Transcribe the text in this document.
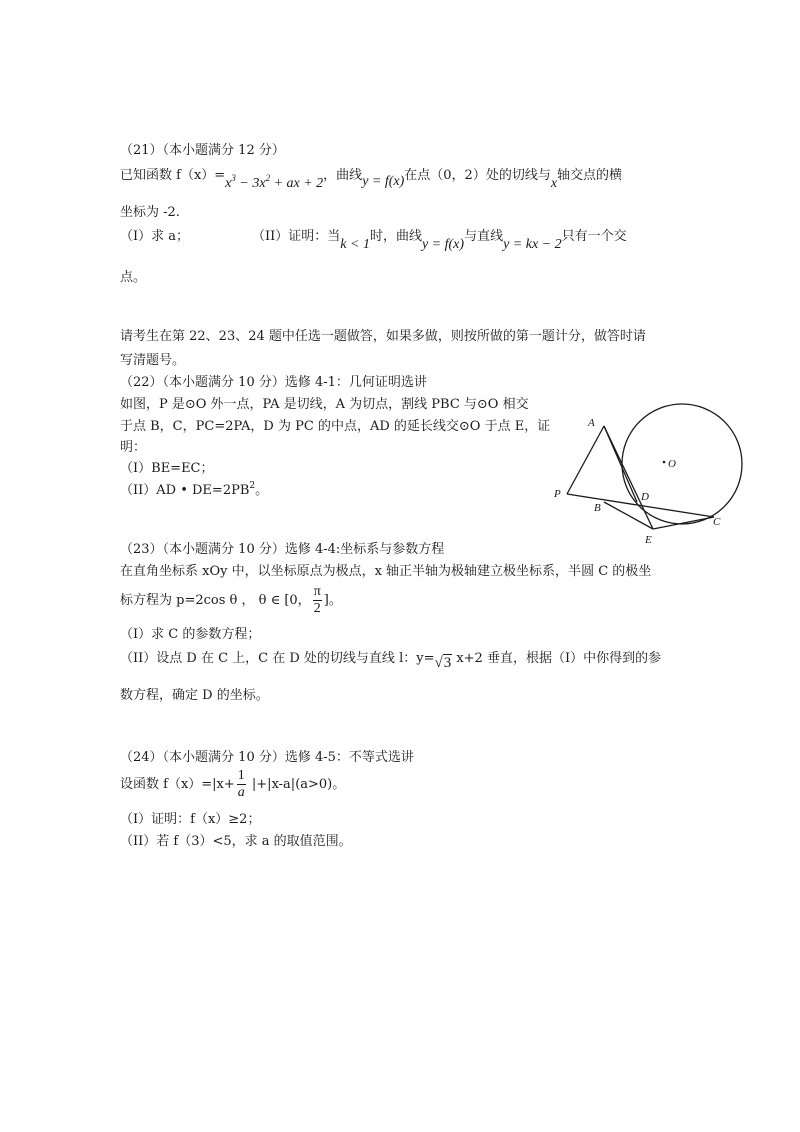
（21）（本小题满分 12 分）
已知函数 $f(x)=x^3 - 3x^2$ + ax + 2，曲线y = f(x)在点（0，2）处的切线与x轴交点的横
坐标为 -2.
（I）求 a；	（II）证明：当k < 1时，曲线y = f(x)与直线y = kx − 2只有一个交
点。
请考生在第 22、23、24 题中任选一题做答，如果多做，则按所做的第一题计分，做答时请
写清题号。
（22）（本小题满分 10 分）选修 4-1：几何证明选讲
如图，P 是⊙O 外一点，PA 是切线，A 为切点，割线 PBC 与⊙O 相交
于点 B，C，PC=2PA，D 为 PC 的中点，AD 的延长线交⊙O 于点 E，证
明：
（I）BE=EC；
（II）AD • $DE=2PB^2$。
A
O
P	D
B
C
E
（23）（本小题满分 10 分）选修 4-4:坐标系与参数方程
在直角坐标系 xOy 中，以坐标原点为极点，x 轴正半轴为极轴建立极坐标系，半圆 C 的极坐
标方程为 p=2cos θ ， θ ∈ [0， $\frac{\pi}{2}$ ]。
（I）求 C 的参数方程；
（II）设点 D 在 C 上，C 在 D 处的切线与直线 l：y=√3 x+2 垂直，根据（I）中你得到的参
数方程，确定 D 的坐标。
（24）（本小题满分 10 分）选修 4-5：不等式选讲
设函数 $f(x)=|x+ \frac{1}{a} |+|x-a|(a>0)$。
（I）证明：f（x）≥2；
（II）若 f（3）<5，求 a 的取值范围。
